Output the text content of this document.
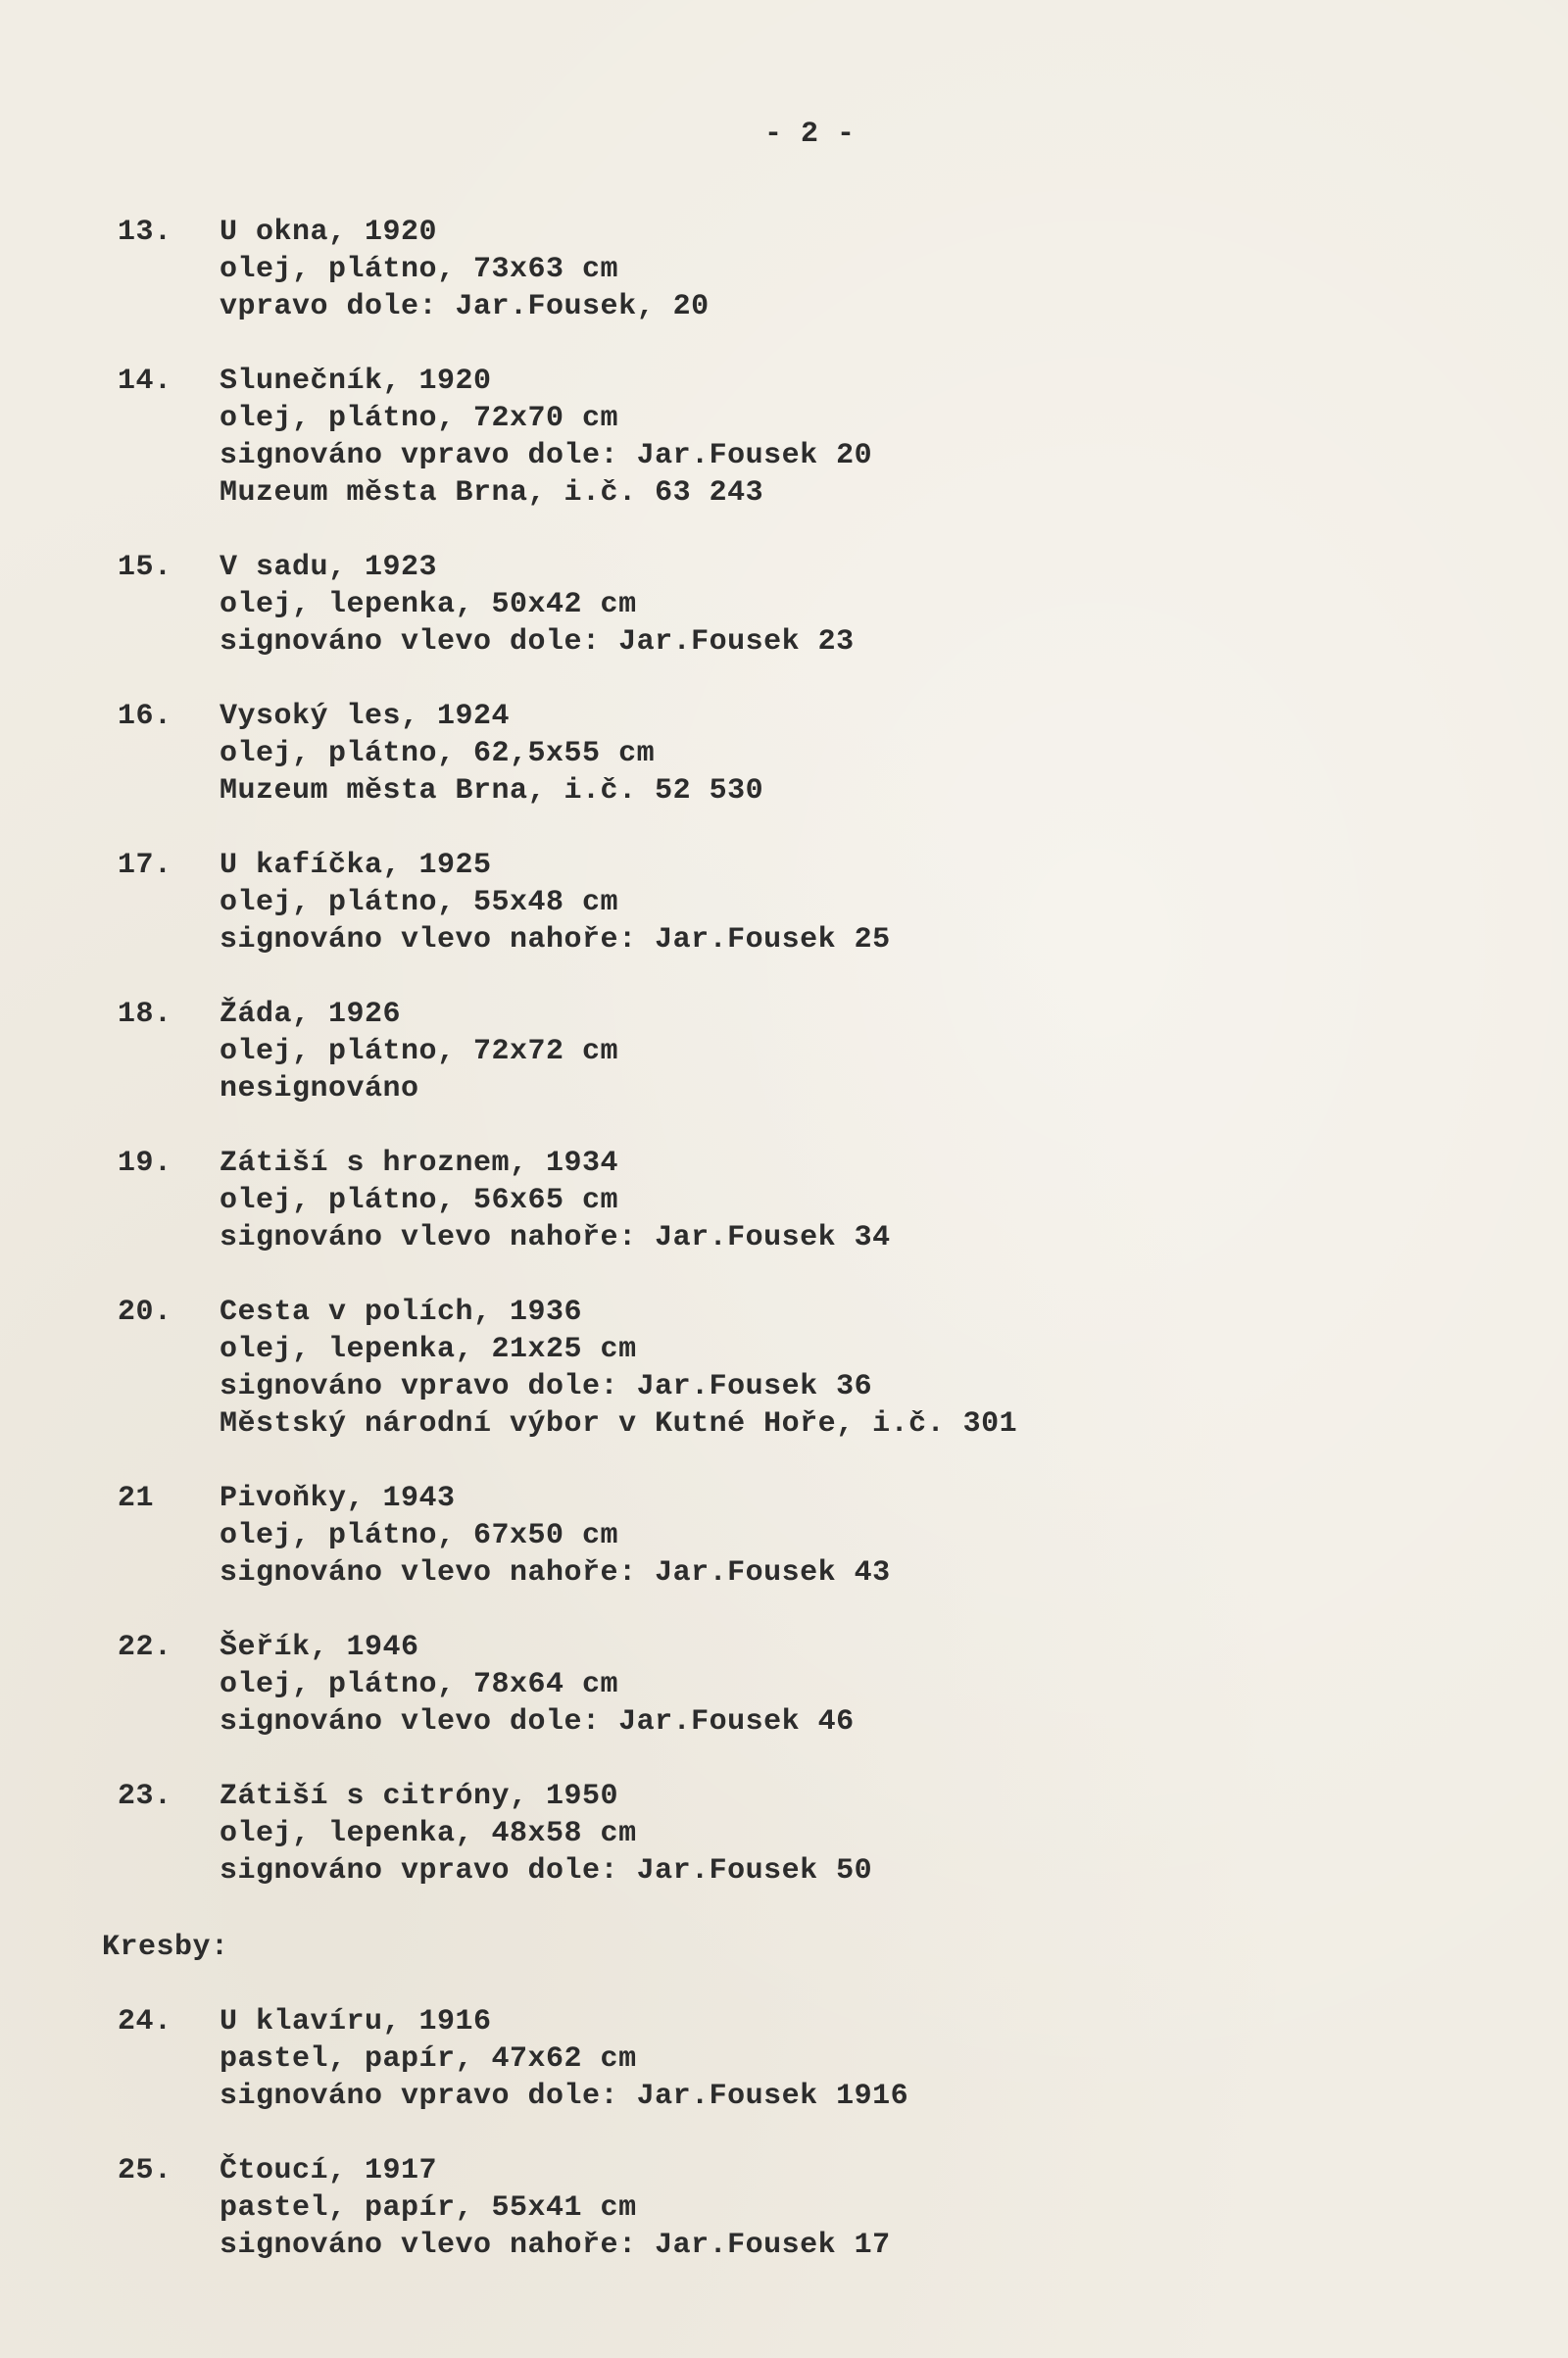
- 2 -
13. U okna, 1920
olej, plátno, 73x63 cm
vpravo dole: Jar.Fousek, 20
14. Slunečník, 1920
olej, plátno, 72x70 cm
signováno vpravo dole: Jar.Fousek 20
Muzeum města Brna, i.č. 63 243
15. V sadu, 1923
olej, lepenka, 50x42 cm
signováno vlevo dole: Jar.Fousek 23
16. Vysoký les, 1924
olej, plátno, 62,5x55 cm
Muzeum města Brna, i.č. 52 530
17. U kafíčka, 1925
olej, plátno, 55x48 cm
signováno vlevo nahoře: Jar.Fousek 25
18. Žáda, 1926
olej, plátno, 72x72 cm
nesignováno
19. Zátiší s hroznem, 1934
olej, plátno, 56x65 cm
signováno vlevo nahoře: Jar.Fousek 34
20. Cesta v polích, 1936
olej, lepenka, 21x25 cm
signováno vpravo dole: Jar.Fousek 36
Městský národní výbor v Kutné Hoře, i.č. 301
21 Pivoňky, 1943
olej, plátno, 67x50 cm
signováno vlevo nahoře: Jar.Fousek 43
22. Šeřík, 1946
olej, plátno, 78x64 cm
signováno vlevo dole: Jar.Fousek 46
23. Zátiší s citróny, 1950
olej, lepenka, 48x58 cm
signováno vpravo dole: Jar.Fousek 50
Kresby:
24. U klavíru, 1916
pastel, papír, 47x62 cm
signováno vpravo dole: Jar.Fousek 1916
25. Čtoucí, 1917
pastel, papír, 55x41 cm
signováno vlevo nahoře: Jar.Fousek 17
